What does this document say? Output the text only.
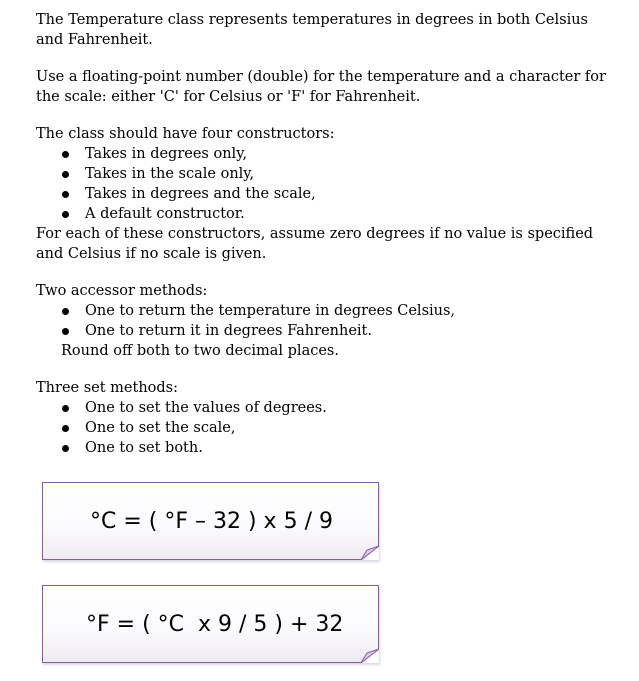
The Temperature class represents temperatures in degrees in both Celsius and Fahrenheit.

Use a floating-point number (double) for the temperature and a character for the scale: either 'C' for Celsius or 'F' for Fahrenheit.

The class should have four constructors:

Takes in degrees only,
Takes in the scale only,
Takes in degrees and the scale,
A default constructor.

For each of these constructors, assume zero degrees if no value is specified and Celsius if no scale is given.

Two accessor methods:

One to return the temperature in degrees Celsius,
One to return it in degrees Fahrenheit.

Round off both to two decimal places.

Three set methods:

One to set the values of degrees.
One to set the scale,
One to set both.
°C = ( °F – 32 ) x 5 / 9
°F = ( °C  x 9 / 5 ) + 32
